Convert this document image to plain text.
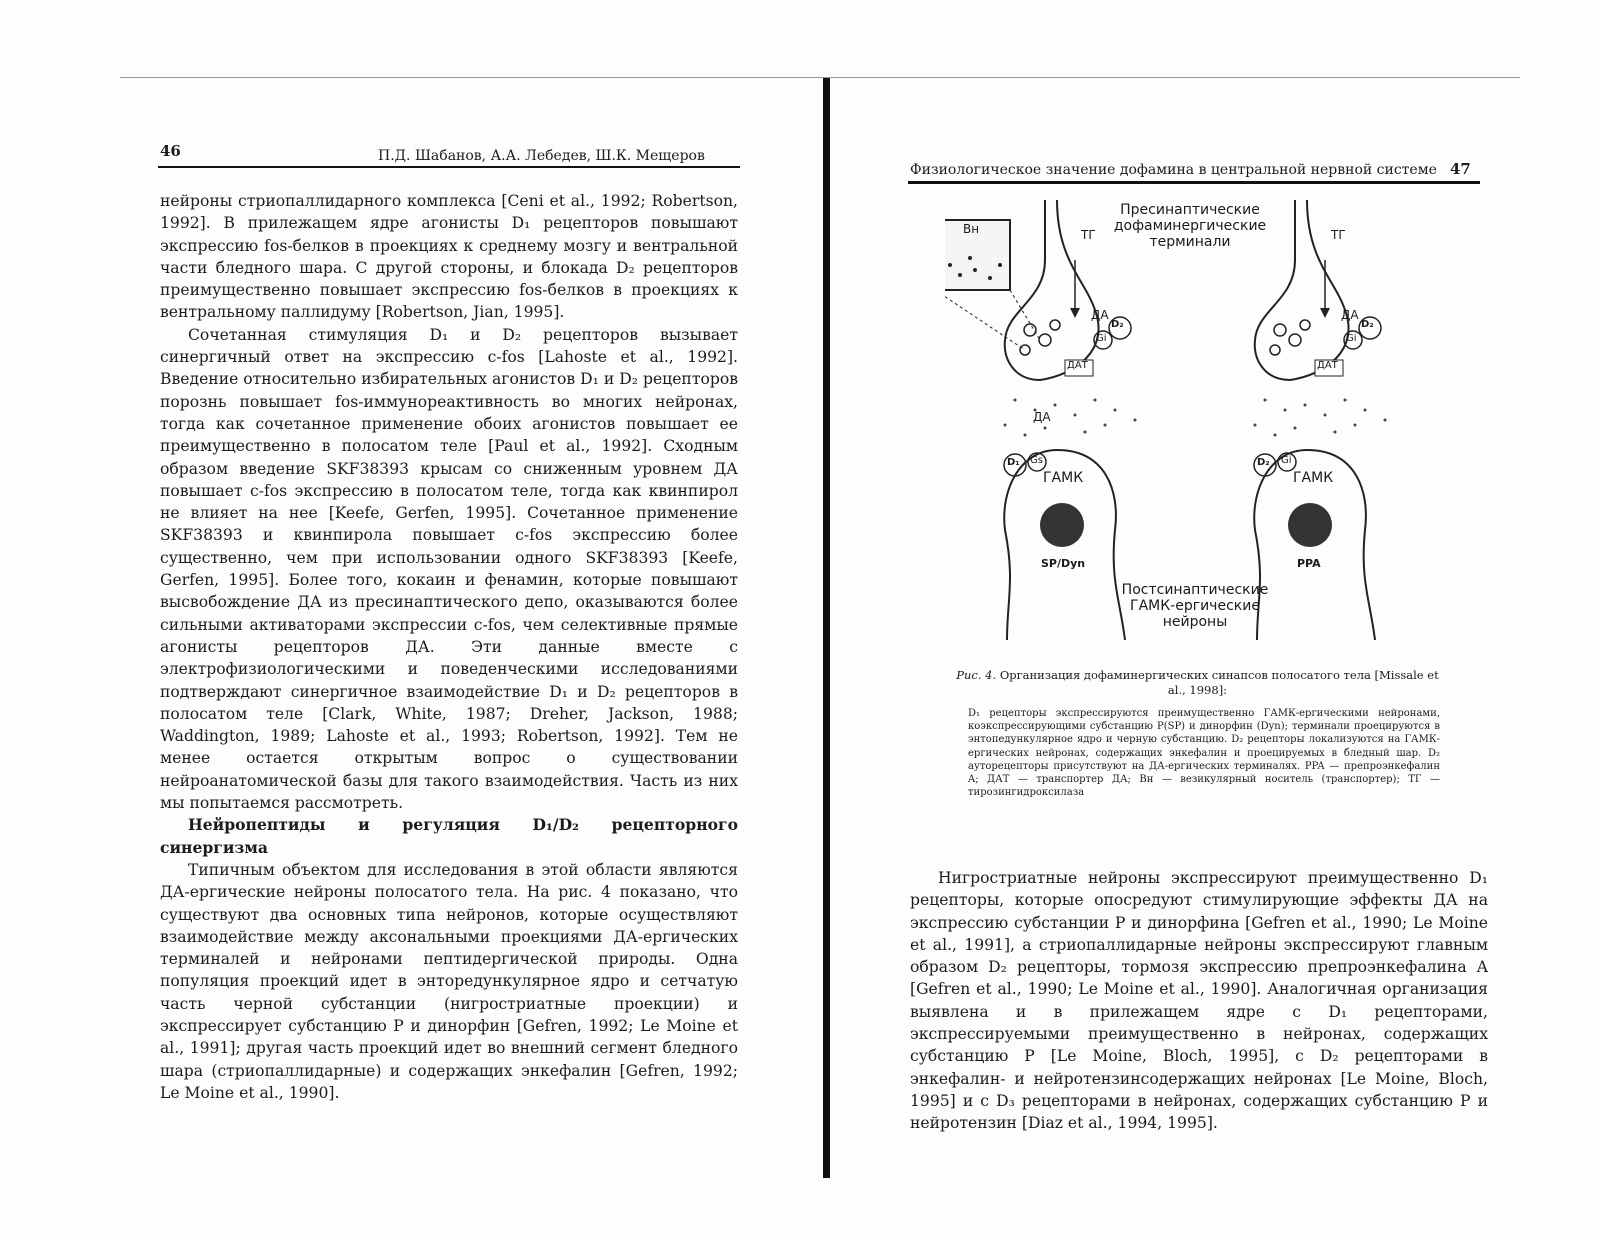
46	П.Д. Шабанов, А.А. Лебедев, Ш.К. Мещеров

нейроны стриопаллидарного комплекса [Ceni et al., 1992; Robertson, 1992]. В прилежащем ядре агонисты D₁ рецепторов повышают экспрессию fos-белков в проекциях к среднему мозгу и вентральной части бледного шара. С другой стороны, и блокада D₂ рецепторов преимущественно повышает экспрессию fos-белков в проекциях к вентральному паллидуму [Robertson, Jian, 1995].

Сочетанная стимуляция D₁ и D₂ рецепторов вызывает синергичный ответ на экспрессию c-fos [Lahoste et al., 1992]. Введение относительно избирательных агонистов D₁ и D₂ рецепторов порознь повышает fos-иммунореактивность во многих нейронах, тогда как сочетанное применение обоих агонистов повышает ее преимущественно в полосатом теле [Paul et al., 1992]. Сходным образом введение SKF38393 крысам со сниженным уровнем ДА повышает c-fos экспрессию в полосатом теле, тогда как квинпирол не влияет на нее [Keefe, Gerfen, 1995]. Сочетанное применение SKF38393 и квинпирола повышает c-fos экспрессию более существенно, чем при использовании одного SKF38393 [Keefe, Gerfen, 1995]. Более того, кокаин и фенамин, которые повышают высвобождение ДА из пресинаптического депо, оказываются более сильными активаторами экспрессии c-fos, чем селективные прямые агонисты рецепторов ДА. Эти данные вместе с электрофизиологическими и поведенческими исследованиями подтверждают синергичное взаимодействие D₁ и D₂ рецепторов в полосатом теле [Clark, White, 1987; Dreher, Jackson, 1988; Waddington, 1989; Lahoste et al., 1993; Robertson, 1992]. Тем не менее остается открытым вопрос о существовании нейроанатомической базы для такого взаимодействия. Часть из них мы попытаемся рассмотреть.

Нейропептиды и регуляция D₁/D₂ рецепторного синергизма

Типичным объектом для исследования в этой области являются ДА-ергические нейроны полосатого тела. На рис. 4 показано, что существуют два основных типа нейронов, которые осуществляют взаимодействие между аксональными проекциями ДА-ергических терминалей и нейронами пептидергической природы. Одна популяция проекций идет в энторедункулярное ядро и сетчатую часть черной субстанции (нигростриатные проекции) и экспрессирует субстанцию P и динорфин [Gefren, 1992; Le Moine et al., 1991]; другая часть проекций идет во внешний сегмент бледного шара (стриопаллидарные) и содержащих энкефалин [Gefren, 1992; Le Moine et al., 1990].

Физиологическое значение дофамина в центральной нервной системе 47
Пресинаптические
дофаминергические
терминали
Постсинаптические
ГАМК-ергические
нейроны
ТГ	ТГ
Вн
ДА	ДА
ДА
ДАТ	ДАТ
D₂	D₂
Gi	Gi
D₁ Gs	D₂ Gi
ГАМК	ГАМК
SP/Dyn	PPA
Рис. 4. Организация дофаминергических синапсов полосатого тела [Missale et al., 1998]:
D₁ рецепторы экспрессируются преимущественно ГАМК-ергическими нейронами, коэкспрессирующими субстанцию P(SP) и динорфин (Dyn); терминали проецируются в энтопедункулярное ядро и черную субстанцию. D₂ рецепторы локализуются на ГАМК-ергических нейронах, содержащих энкефалин и проецируемых в бледный шар. D₂ ауторецепторы присутствуют на ДА-ергических терминалях. PPA — препроэнкефалин A; ДАТ — транспортер ДА; Вн — везикулярный носитель (транспортер); ТГ — тирозингидроксилаза

Нигростриатные нейроны экспрессируют преимущественно D₁ рецепторы, которые опосредуют стимулирующие эффекты ДА на экспрессию субстанции P и динорфина [Gefren et al., 1990; Le Moine et al., 1991], а стриопаллидарные нейроны экспрессируют главным образом D₂ рецепторы, тормозя экспрессию препроэнкефалина A [Gefren et al., 1990; Le Moine et al., 1990]. Аналогичная организация выявлена и в прилежащем ядре с D₁ рецепторами, экспрессируемыми преимущественно в нейронах, содержащих субстанцию P [Le Moine, Bloch, 1995], с D₂ рецепторами в энкефалин- и нейротензинсодержащих нейронах [Le Moine, Bloch, 1995] и с D₃ рецепторами в нейронах, содержащих субстанцию P и нейротензин [Diaz et al., 1994, 1995].
